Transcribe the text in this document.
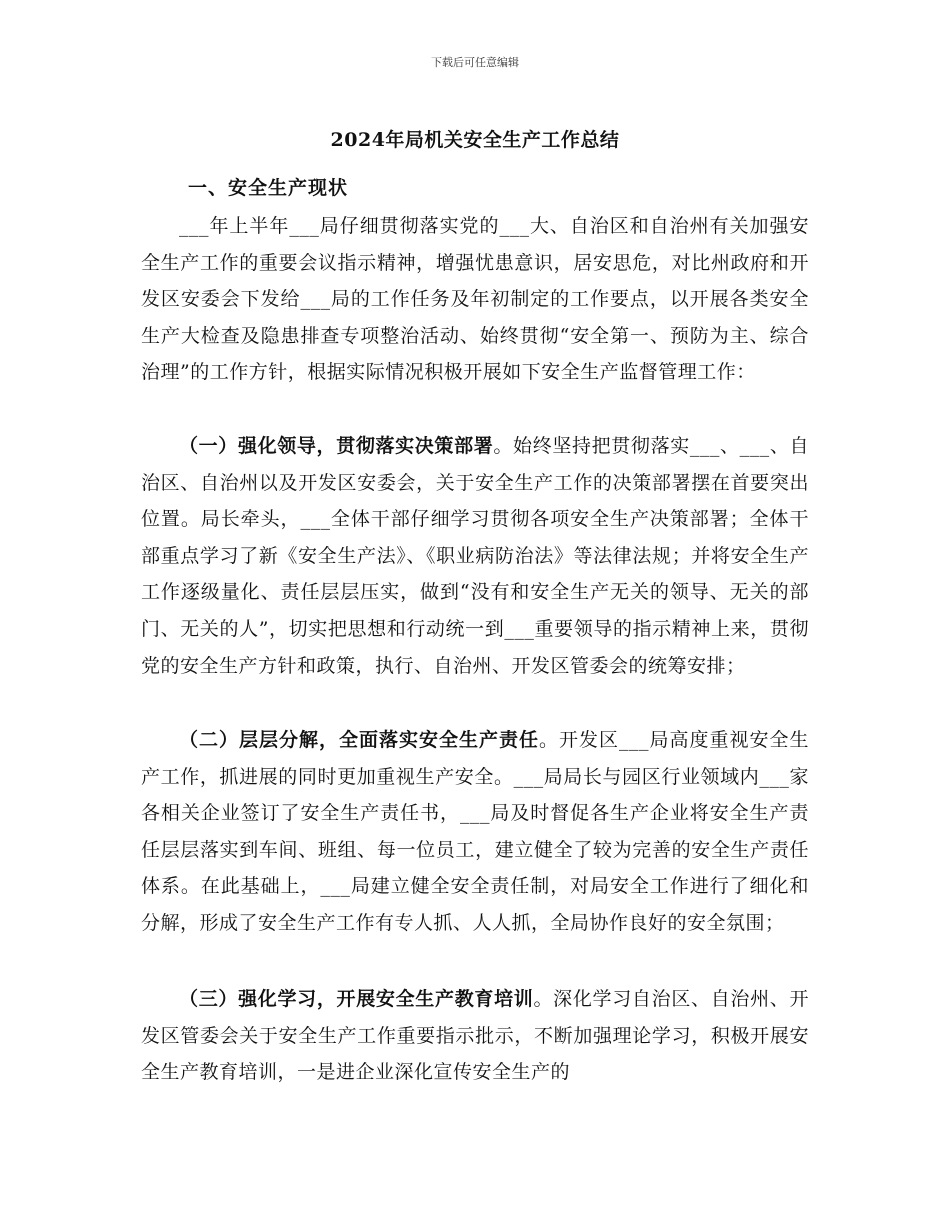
下载后可任意编辑
2024年局机关安全生产工作总结
一、安全生产现状

___年上半年___局仔细贯彻落实党的___大、自治区和自治州有关加强安全生产工作的重要会议指示精神，增强忧患意识，居安思危，对比州政府和开发区安委会下发给___局的工作任务及年初制定的工作要点，以开展各类安全生产大检查及隐患排查专项整治活动、始终贯彻“安全第一、预防为主、综合治理”的工作方针，根据实际情况积极开展如下安全生产监督管理工作：

（一）强化领导，贯彻落实决策部署。始终坚持把贯彻落实___、___、自治区、自治州以及开发区安委会，关于安全生产工作的决策部署摆在首要突出位置。局长牵头，___全体干部仔细学习贯彻各项安全生产决策部署；全体干部重点学习了新《安全生产法》、《职业病防治法》等法律法规；并将安全生产工作逐级量化、责任层层压实，做到“没有和安全生产无关的领导、无关的部门、无关的人”，切实把思想和行动统一到___重要领导的指示精神上来，贯彻党的安全生产方针和政策，执行、自治州、开发区管委会的统筹安排；

（二）层层分解，全面落实安全生产责任。开发区___局高度重视安全生产工作，抓进展的同时更加重视生产安全。___局局长与园区行业领域内___家各相关企业签订了安全生产责任书，___局及时督促各生产企业将安全生产责任层层落实到车间、班组、每一位员工，建立健全了较为完善的安全生产责任体系。在此基础上，___局建立健全安全责任制，对局安全工作进行了细化和分解，形成了安全生产工作有专人抓、人人抓，全局协作良好的安全氛围；

（三）强化学习，开展安全生产教育培训。深化学习自治区、自治州、开发区管委会关于安全生产工作重要指示批示，不断加强理论学习，积极开展安全生产教育培训，一是进企业深化宣传安全生产的
